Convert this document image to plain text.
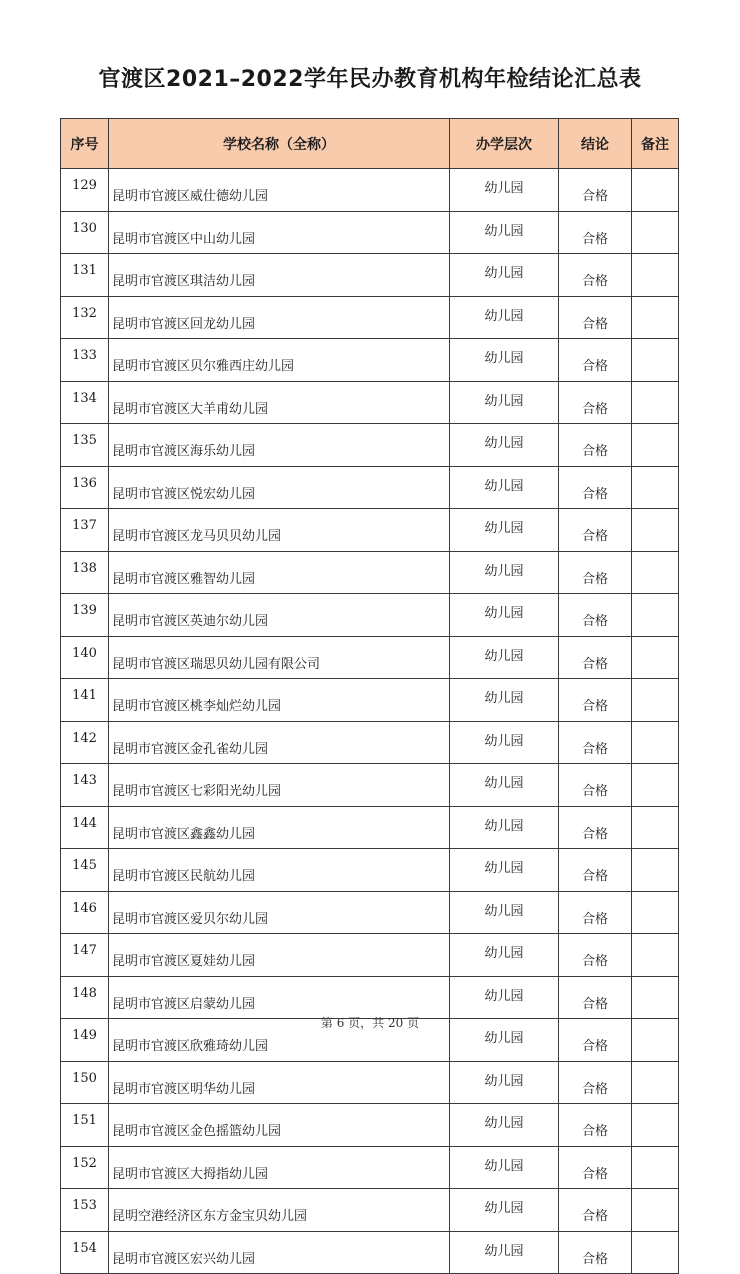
官渡区2021–2022学年民办教育机构年检结论汇总表
序号	学校名称（全称）	办学层次	结论	备注
129	昆明市官渡区威仕德幼儿园	幼儿园	合格	
130	昆明市官渡区中山幼儿园	幼儿园	合格	
131	昆明市官渡区琪洁幼儿园	幼儿园	合格	
132	昆明市官渡区回龙幼儿园	幼儿园	合格	
133	昆明市官渡区贝尔雅西庄幼儿园	幼儿园	合格	
134	昆明市官渡区大羊甫幼儿园	幼儿园	合格	
135	昆明市官渡区海乐幼儿园	幼儿园	合格	
136	昆明市官渡区悦宏幼儿园	幼儿园	合格	
137	昆明市官渡区龙马贝贝幼儿园	幼儿园	合格	
138	昆明市官渡区雅智幼儿园	幼儿园	合格	
139	昆明市官渡区英迪尔幼儿园	幼儿园	合格	
140	昆明市官渡区瑞思贝幼儿园有限公司	幼儿园	合格	
141	昆明市官渡区桃李灿烂幼儿园	幼儿园	合格	
142	昆明市官渡区金孔雀幼儿园	幼儿园	合格	
143	昆明市官渡区七彩阳光幼儿园	幼儿园	合格	
144	昆明市官渡区鑫鑫幼儿园	幼儿园	合格	
145	昆明市官渡区民航幼儿园	幼儿园	合格	
146	昆明市官渡区爱贝尔幼儿园	幼儿园	合格	
147	昆明市官渡区夏娃幼儿园	幼儿园	合格	
148	昆明市官渡区启蒙幼儿园	幼儿园	合格	
149	昆明市官渡区欣雅琦幼儿园	幼儿园	合格	
150	昆明市官渡区明华幼儿园	幼儿园	合格	
151	昆明市官渡区金色摇篮幼儿园	幼儿园	合格	
152	昆明市官渡区大拇指幼儿园	幼儿园	合格	
153	昆明空港经济区东方金宝贝幼儿园	幼儿园	合格	
154	昆明市官渡区宏兴幼儿园	幼儿园	合格	
第 6 页，共 20 页
